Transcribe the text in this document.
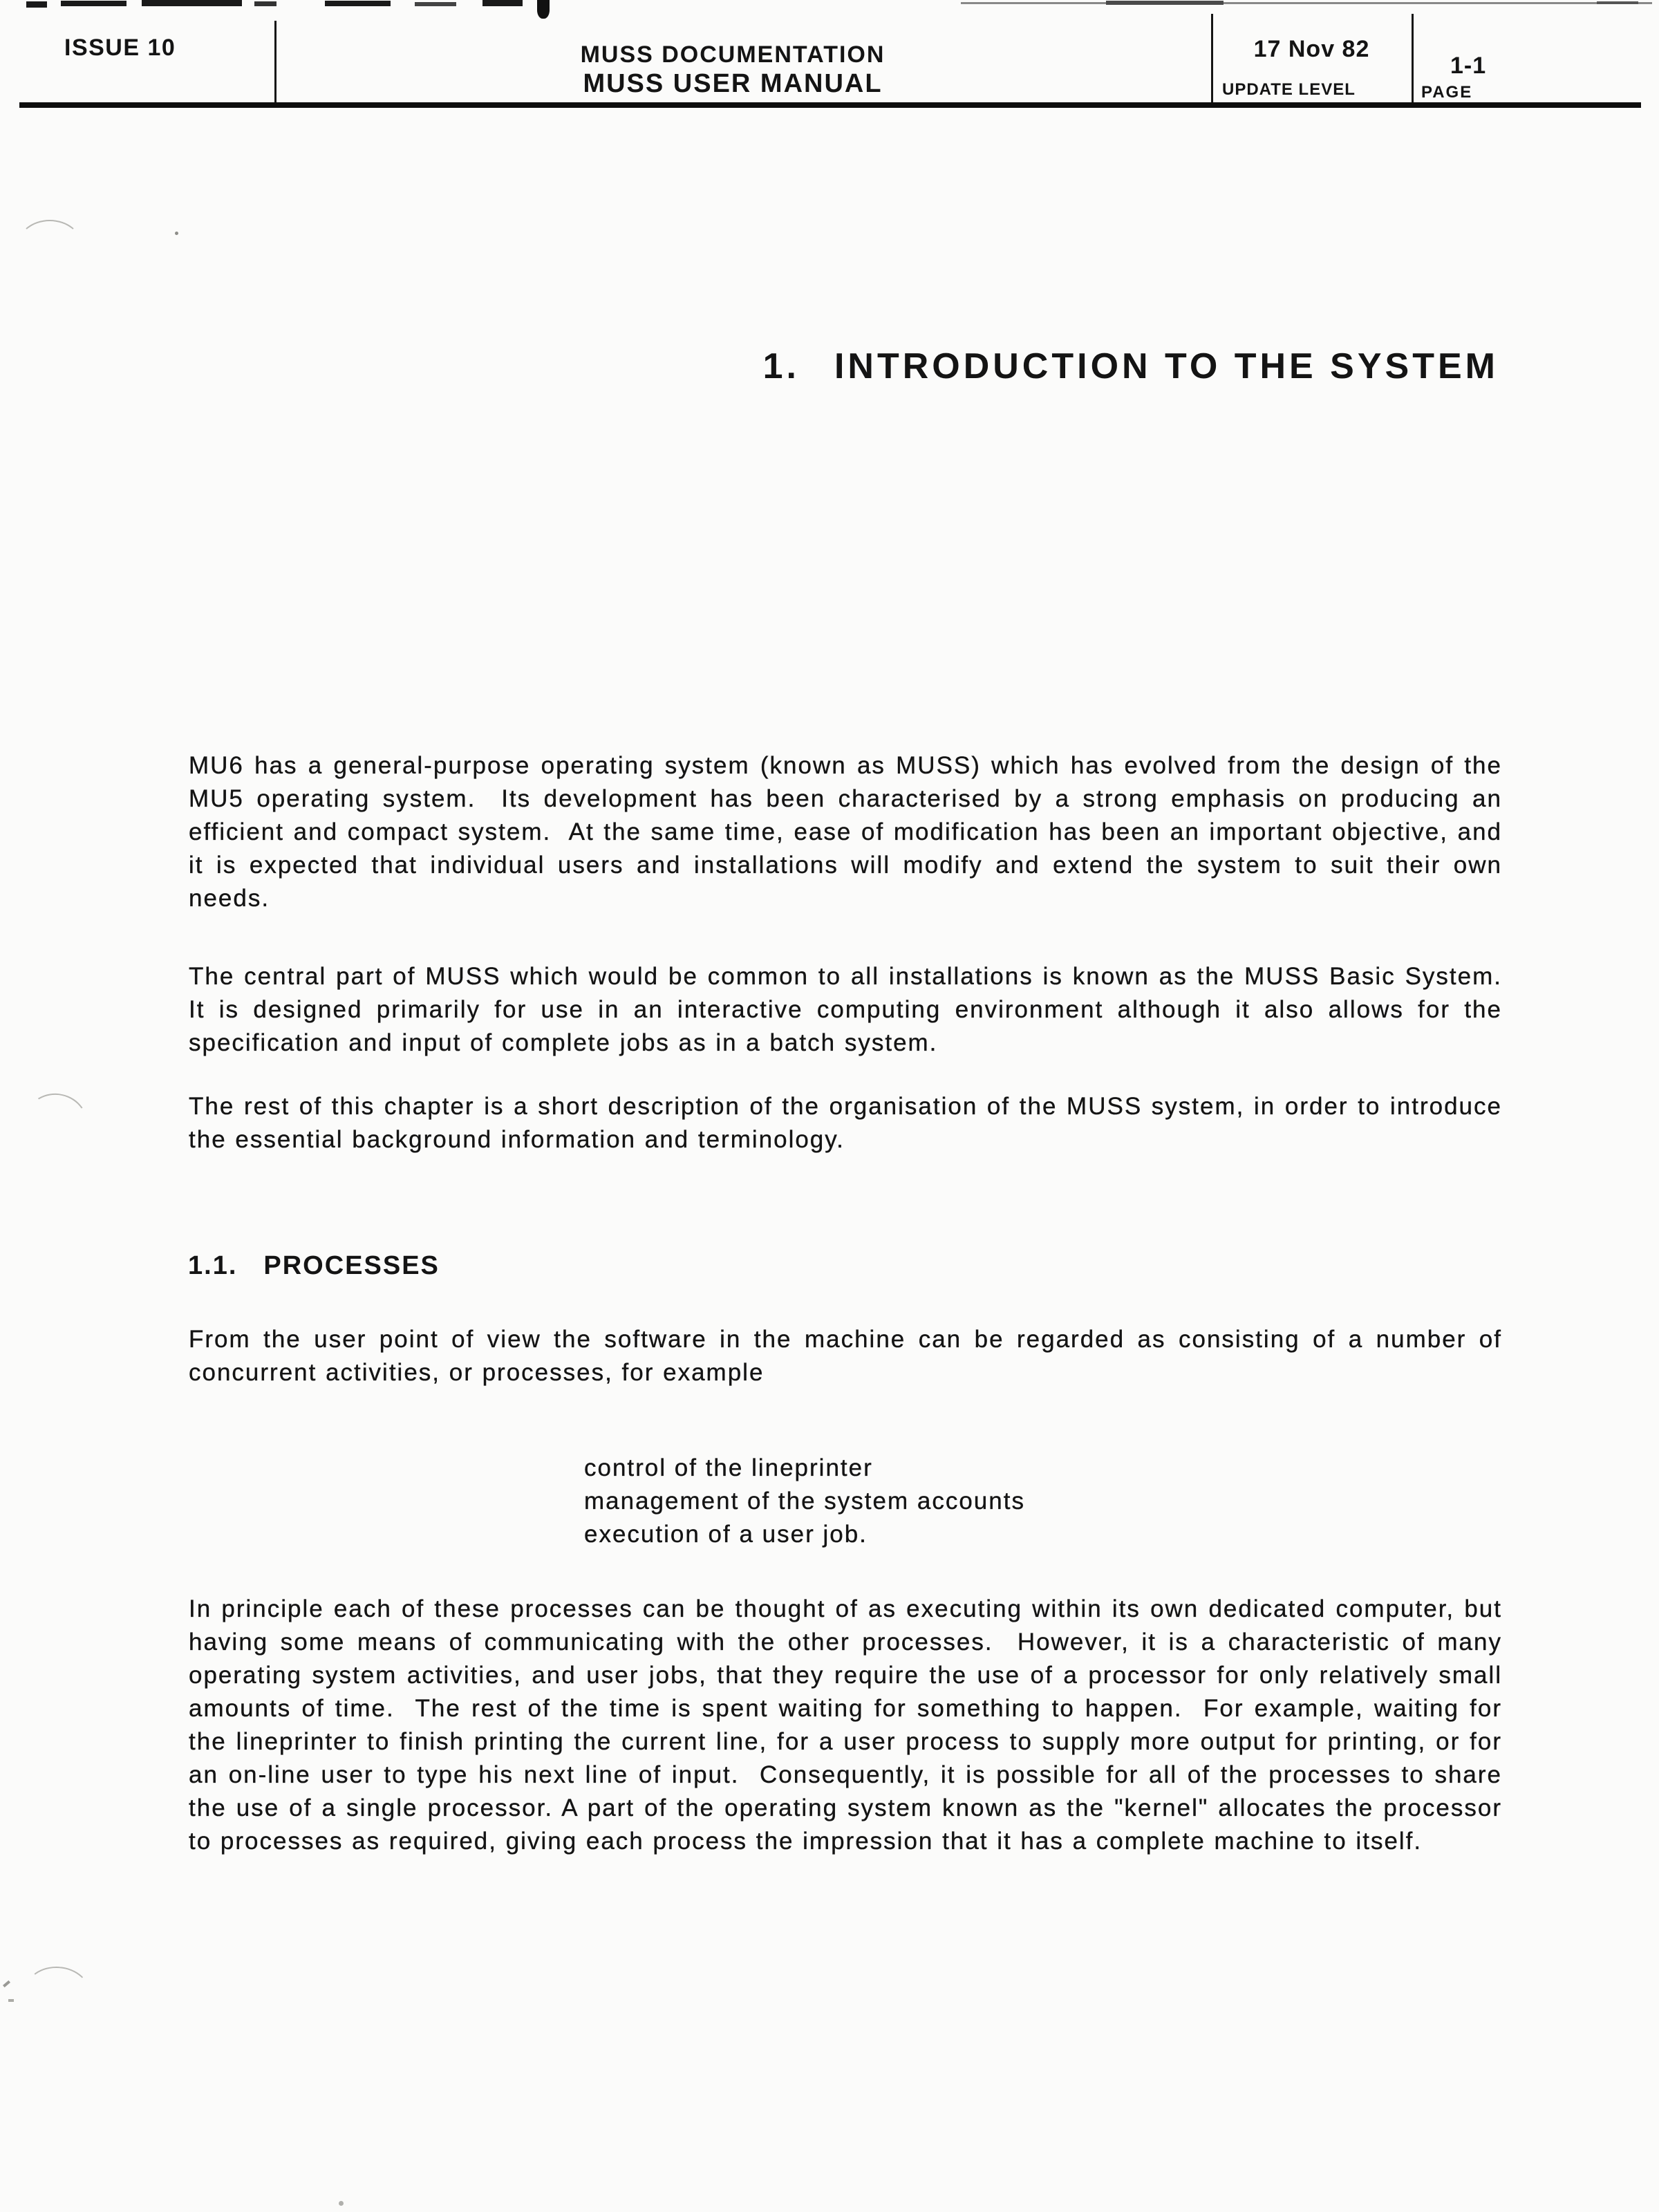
ISSUE 10	MUSS DOCUMENTATION
MUSS USER MANUAL
17 Nov 82
UPDATE LEVEL
1-1
PAGE
1. INTRODUCTION TO THE SYSTEM
MU6 has a general-purpose operating system (known as MUSS) which has evolved from the design of the MU5 operating system.  Its development has been characterised by a strong emphasis on producing an efficient and compact system.  At the same time, ease of modification has been an important objective, and it is expected that individual users and installations will modify and extend the system to suit their own needs.
The central part of MUSS which would be common to all installations is known as the MUSS Basic System.  It is designed primarily for use in an interactive computing environment although it also allows for the specification and input of complete jobs as in a batch system.
The rest of this chapter is a short description of the organisation of the MUSS system, in order to introduce the essential background information and terminology.
1.1. PROCESSES
From the user point of view the software in the machine can be regarded as consisting of a number of concurrent activities, or processes, for example
control of the lineprinter
management of the system accounts
execution of a user job.
In principle each of these processes can be thought of as executing within its own dedicated computer, but having some means of communicating with the other processes.  However, it is a characteristic of many operating system activities, and user jobs, that they require the use of a processor for only relatively small amounts of time.  The rest of the time is spent waiting for something to happen.  For example, waiting for the lineprinter to finish printing the current line, for a user process to supply more output for printing, or for an on-line user to type his next line of input.  Consequently, it is possible for all of the processes to share the use of a single processor. A part of the operating system known as the "kernel" allocates the processor to processes as required, giving each process the impression that it has a complete machine to itself.
